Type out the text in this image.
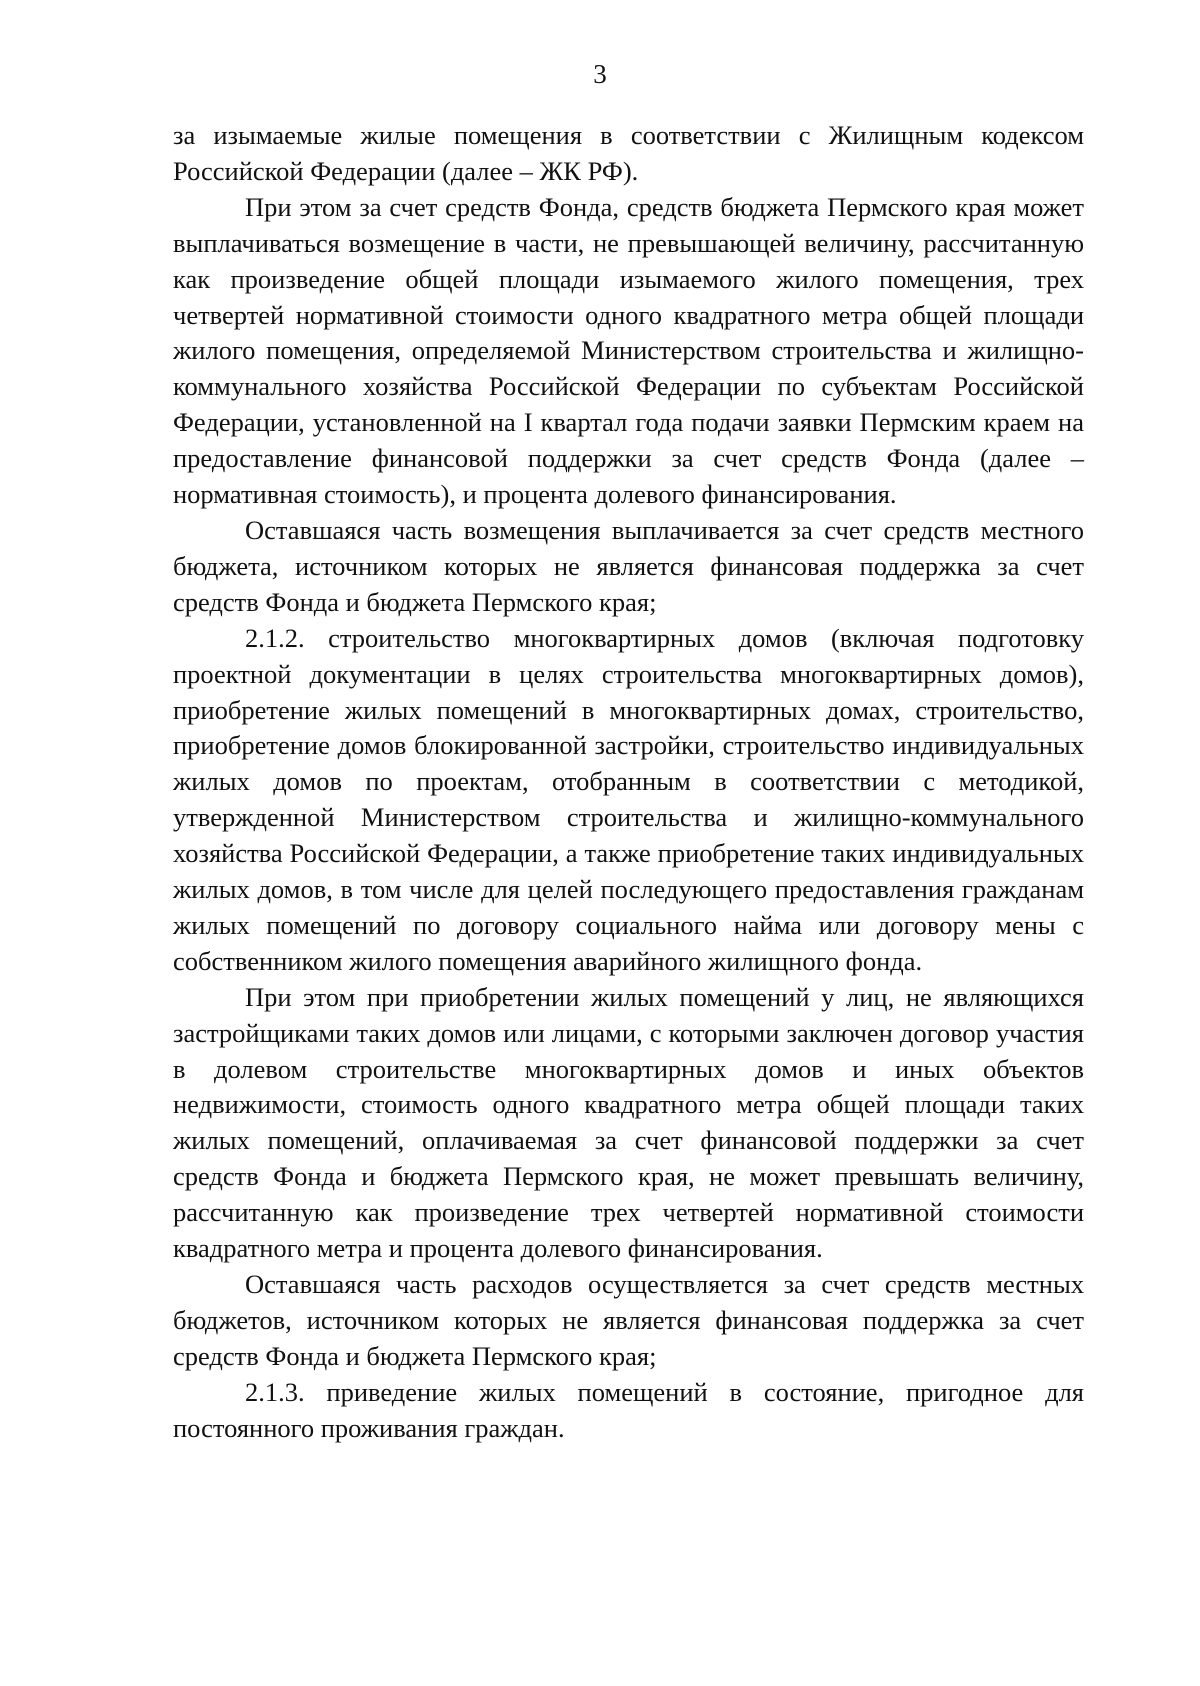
3

за изымаемые жилые помещения в соответствии с Жилищным кодексом Российской Федерации (далее – ЖК РФ).

При этом за счет средств Фонда, средств бюджета Пермского края может выплачиваться возмещение в части, не превышающей величину, рассчитанную как произведение общей площади изымаемого жилого помещения, трех четвертей нормативной стоимости одного квадратного метра общей площади жилого помещения, определяемой Министерством строительства и жилищно-коммунального хозяйства Российской Федерации по субъектам Российской Федерации, установленной на I квартал года подачи заявки Пермским краем на предоставление финансовой поддержки за счет средств Фонда (далее – нормативная стоимость), и процента долевого финансирования.

Оставшаяся часть возмещения выплачивается за счет средств местного бюджета, источником которых не является финансовая поддержка за счет средств Фонда и бюджета Пермского края;

2.1.2. строительство многоквартирных домов (включая подготовку проектной документации в целях строительства многоквартирных домов), приобретение жилых помещений в многоквартирных домах, строительство, приобретение домов блокированной застройки, строительство индивидуальных жилых домов по проектам, отобранным в соответствии с методикой, утвержденной Министерством строительства и жилищно-коммунального хозяйства Российской Федерации, а также приобретение таких индивидуальных жилых домов, в том числе для целей последующего предоставления гражданам жилых помещений по договору социального найма или договору мены с собственником жилого помещения аварийного жилищного фонда.

При этом при приобретении жилых помещений у лиц, не являющихся застройщиками таких домов или лицами, с которыми заключен договор участия в долевом строительстве многоквартирных домов и иных объектов недвижимости, стоимость одного квадратного метра общей площади таких жилых помещений, оплачиваемая за счет финансовой поддержки за счет средств Фонда и бюджета Пермского края, не может превышать величину, рассчитанную как произведение трех четвертей нормативной стоимости квадратного метра и процента долевого финансирования.

Оставшаяся часть расходов осуществляется за счет средств местных бюджетов, источником которых не является финансовая поддержка за счет средств Фонда и бюджета Пермского края;

2.1.3. приведение жилых помещений в состояние, пригодное для постоянного проживания граждан.
